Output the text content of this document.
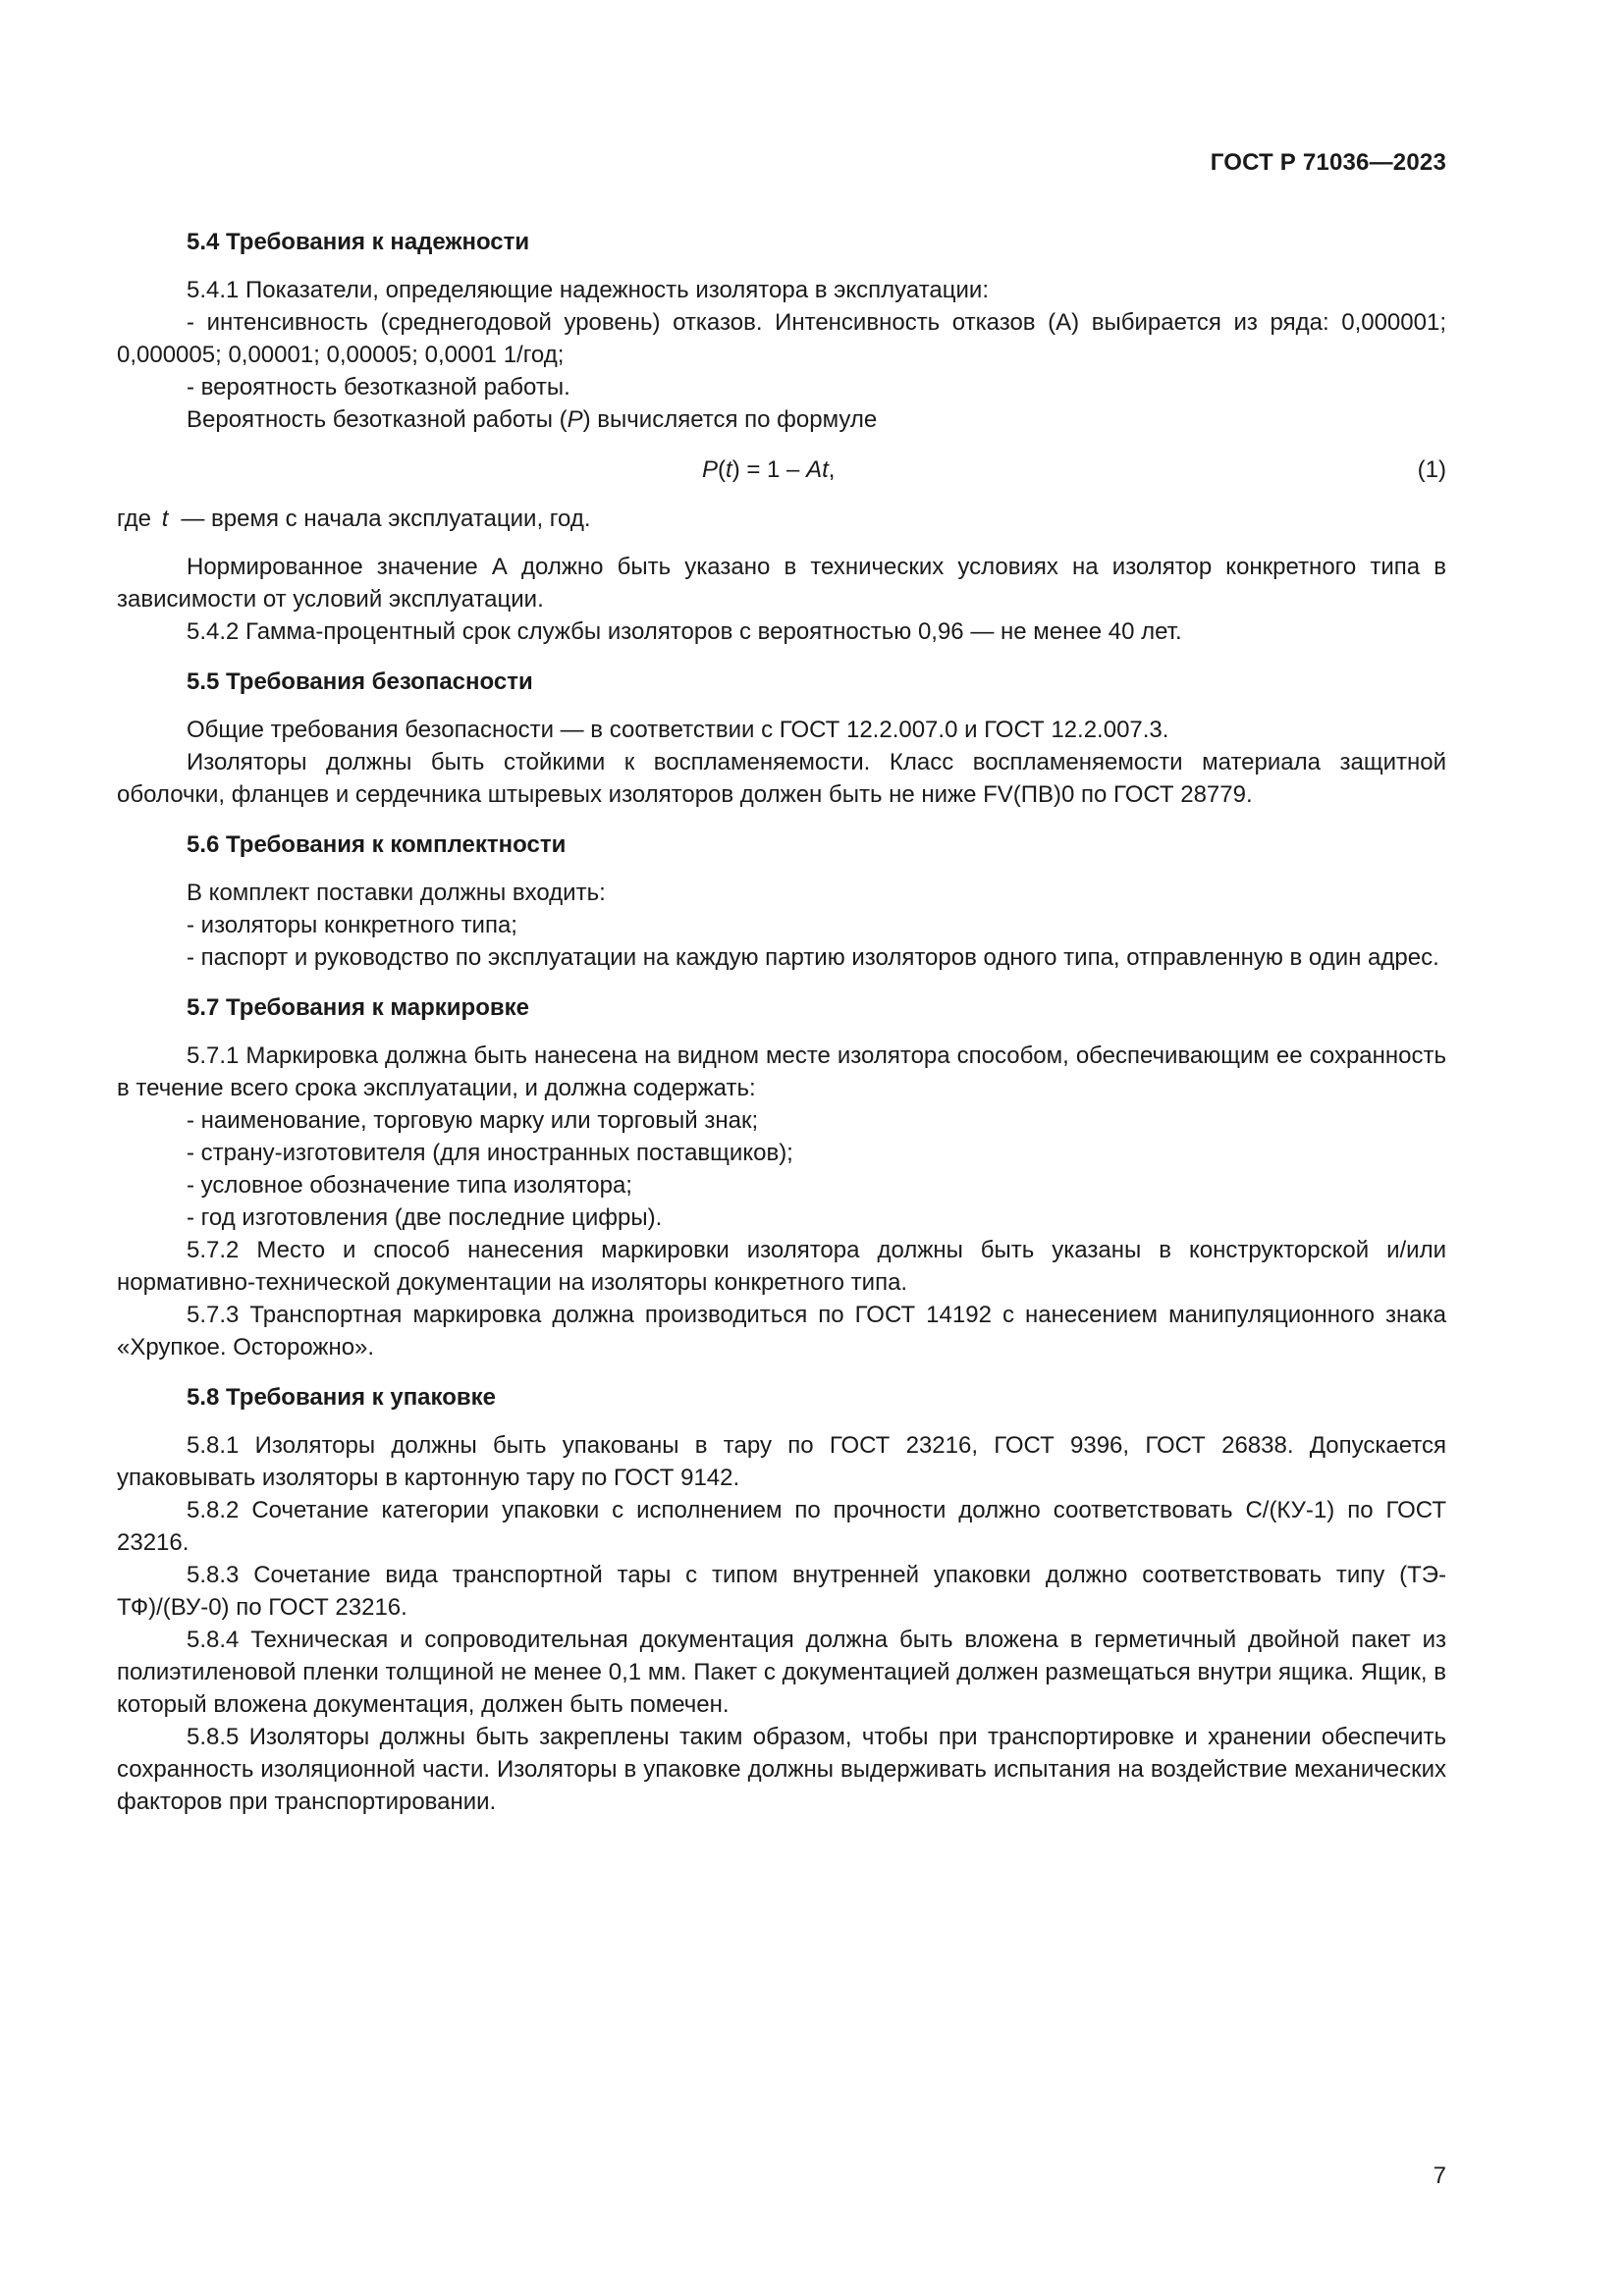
ГОСТ Р 71036—2023
5.4 Требования к надежности

5.4.1 Показатели, определяющие надежность изолятора в эксплуатации:

- интенсивность (среднегодовой уровень) отказов. Интенсивность отказов (А) выбирается из ряда: 0,000001; 0,000005; 0,00001; 0,00005; 0,0001 1/год;

- вероятность безотказной работы.

Вероятность безотказной работы (P) вычисляется по формуле

P(t) = 1 – At,	(1)

где t — время с начала эксплуатации, год.

Нормированное значение А должно быть указано в технических условиях на изолятор конкретного типа в зависимости от условий эксплуатации.

5.4.2 Гамма-процентный срок службы изоляторов с вероятностью 0,96 — не менее 40 лет.

5.5 Требования безопасности

Общие требования безопасности — в соответствии с ГОСТ 12.2.007.0 и ГОСТ 12.2.007.3.

Изоляторы должны быть стойкими к воспламеняемости. Класс воспламеняемости материала защитной оболочки, фланцев и сердечника штыревых изоляторов должен быть не ниже FV(ПВ)0 по ГОСТ 28779.

5.6 Требования к комплектности

В комплект поставки должны входить:

- изоляторы конкретного типа;

- паспорт и руководство по эксплуатации на каждую партию изоляторов одного типа, отправленную в один адрес.

5.7 Требования к маркировке

5.7.1 Маркировка должна быть нанесена на видном месте изолятора способом, обеспечивающим ее сохранность в течение всего срока эксплуатации, и должна содержать:

- наименование, торговую марку или торговый знак;

- страну-изготовителя (для иностранных поставщиков);

- условное обозначение типа изолятора;

- год изготовления (две последние цифры).

5.7.2 Место и способ нанесения маркировки изолятора должны быть указаны в конструкторской и/или нормативно-технической документации на изоляторы конкретного типа.

5.7.3 Транспортная маркировка должна производиться по ГОСТ 14192 с нанесением манипуляционного знака «Хрупкое. Осторожно».

5.8 Требования к упаковке

5.8.1 Изоляторы должны быть упакованы в тару по ГОСТ 23216, ГОСТ 9396, ГОСТ 26838. Допускается упаковывать изоляторы в картонную тару по ГОСТ 9142.

5.8.2 Сочетание категории упаковки с исполнением по прочности должно соответствовать С/(КУ-1) по ГОСТ 23216.

5.8.3 Сочетание вида транспортной тары с типом внутренней упаковки должно соответствовать типу (ТЭ-ТФ)/(ВУ-0) по ГОСТ 23216.

5.8.4 Техническая и сопроводительная документация должна быть вложена в герметичный двойной пакет из полиэтиленовой пленки толщиной не менее 0,1 мм. Пакет с документацией должен размещаться внутри ящика. Ящик, в который вложена документация, должен быть помечен.

5.8.5 Изоляторы должны быть закреплены таким образом, чтобы при транспортировке и хранении обеспечить сохранность изоляционной части. Изоляторы в упаковке должны выдерживать испытания на воздействие механических факторов при транспортировании.

7
